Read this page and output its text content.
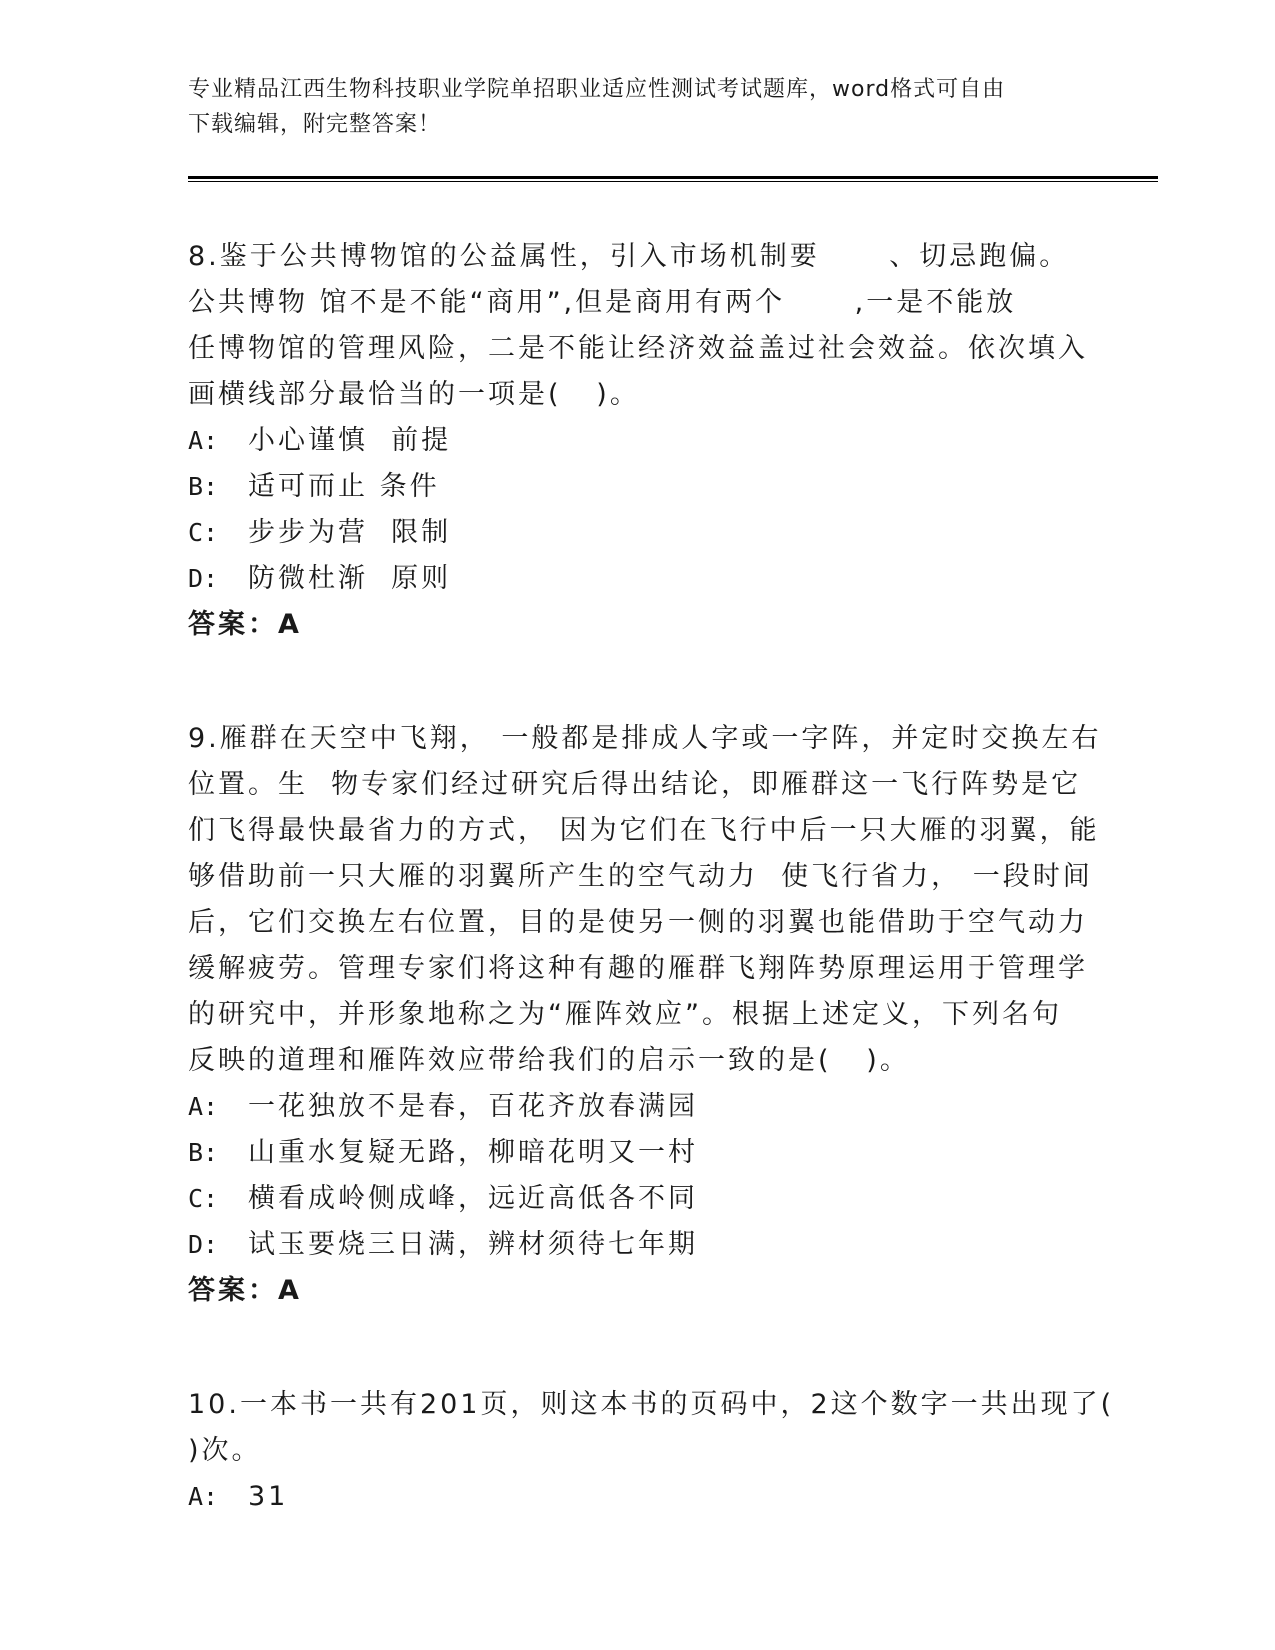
专业精品江西生物科技职业学院单招职业适应性测试考试题库，word格式可自由
下载编辑，附完整答案！
8.鉴于公共博物馆的公益属性，引入市场机制要      、切忌跑偏。
公共博物 馆不是不能“商用”,但是商用有两个      ,一是不能放
任博物馆的管理风险，二是不能让经济效益盖过社会效益。依次填入
画横线部分最恰当的一项是(   )。
A: 小心谨慎  前提
B: 适可而止 条件
C: 步步为营  限制
D: 防微杜渐  原则
答案：A
9.雁群在天空中飞翔， 一般都是排成人字或一字阵，并定时交换左右
位置。生  物专家们经过研究后得出结论，即雁群这一飞行阵势是它
们飞得最快最省力的方式， 因为它们在飞行中后一只大雁的羽翼，能
够借助前一只大雁的羽翼所产生的空气动力  使飞行省力， 一段时间
后，它们交换左右位置，目的是使另一侧的羽翼也能借助于空气动力
缓解疲劳。管理专家们将这种有趣的雁群飞翔阵势原理运用于管理学
的研究中，并形象地称之为“雁阵效应”。根据上述定义，下列名句
反映的道理和雁阵效应带给我们的启示一致的是(   )。
A: 一花独放不是春，百花齐放春满园
B: 山重水复疑无路，柳暗花明又一村
C: 横看成岭侧成峰，远近高低各不同
D: 试玉要烧三日满，辨材须待七年期
答案：A
10.一本书一共有201页，则这本书的页码中，2这个数字一共出现了(
)次。
A: 31
